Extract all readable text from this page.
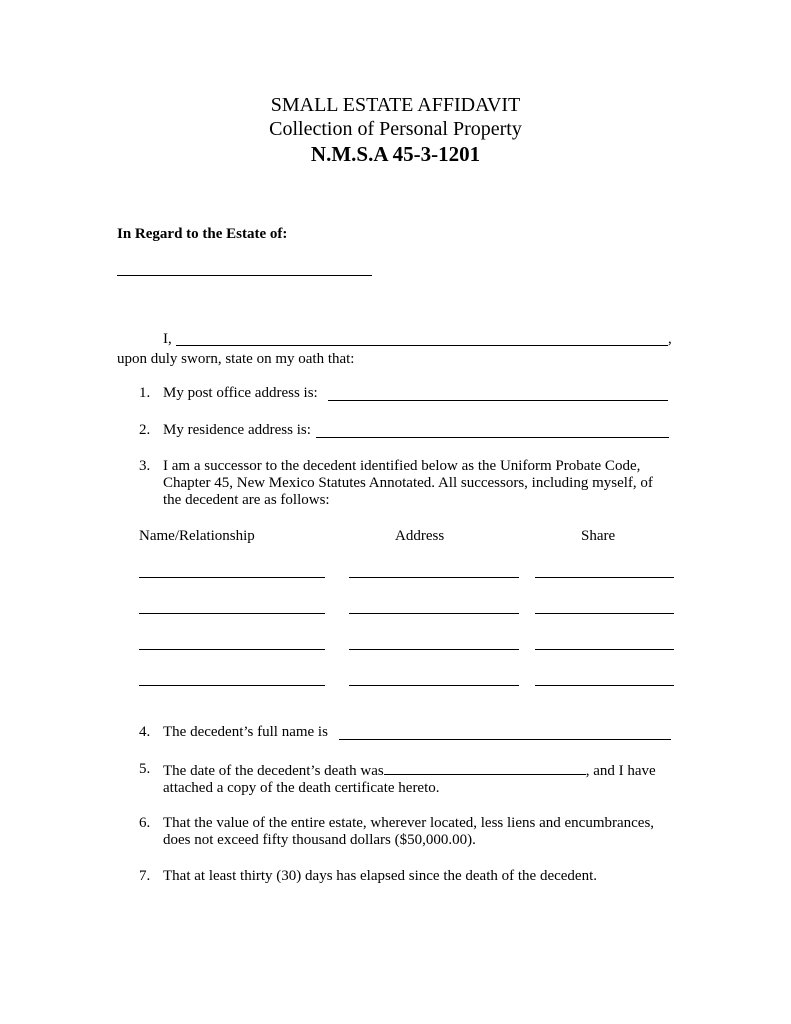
SMALL ESTATE AFFIDAVIT
Collection of Personal Property
N.M.S.A 45-3-1201
In Regard to the Estate of:
I,	,
upon duly sworn, state on my oath that:
1. My post office address is:
2. My residence address is:
3. I am a successor to the decedent identified below as the Uniform Probate Code, Chapter 45, New Mexico Statutes Annotated. All successors, including myself, of the decedent are as follows:
Name/Relationship	Address	Share
4. The decedent’s full name is
5. The date of the decedent’s death was	, and I have
attached a copy of the death certificate hereto.
6. That the value of the entire estate, wherever located, less liens and encumbrances, does not exceed fifty thousand dollars ($50,000.00).
7. That at least thirty (30) days has elapsed since the death of the decedent.
